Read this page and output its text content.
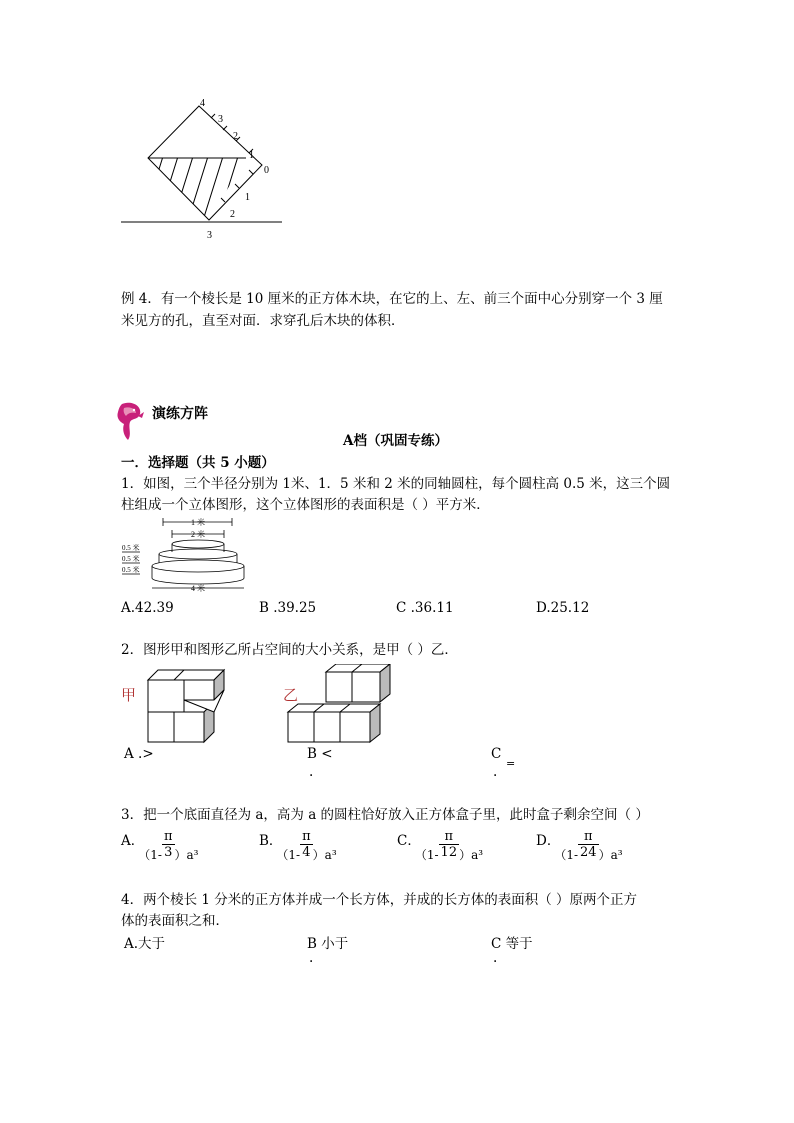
4
3
2
1
0
1
2
3
例 4．有一个棱长是 10 厘米的正方体木块，在它的上、左、前三个面中心分别穿一个 3 厘
米见方的孔，直至对面．求穿孔后木块的体积．
演练方阵
A档（巩固专练）
一．选择题（共 5 小题）
1．如图，三个半径分别为 1米、1．5 米和 2 米的同轴圆柱，每个圆柱高 0.5 米，这三个圆
柱组成一个立体图形，这个立体图形的表面积是（ ）平方米．
1 米
2 米
4 米
0.5 米
0.5 米
0.5 米
A.42.39	B .39.25	C .36.11	D.25.12
2．图形甲和图形乙所占空间的大小关系，是甲（ ）乙．
甲	乙
A .>	B <
.
C
.
=
3．把一个底面直径为 a，高为 a 的圆柱恰好放入正方体盒子里，此时盒子剩余空间（ ）
$^{A.}_{(1-} \frac{\pi}{3} _{)a^3}$
$^{B.}_{(1-} \frac{\pi}{4} _{)a^3}$
$^{C.}_{(1-} \frac{\pi}{12} _{)a^3}$
$^{D.}_{(1-} \frac{\pi}{24} _{)a^3}$
4．两个棱长 1 分米的正方体并成一个长方体，并成的长方体的表面积（ ）原两个正方
体的表面积之和．
A.大于	B 小于
.
C 等于
.
